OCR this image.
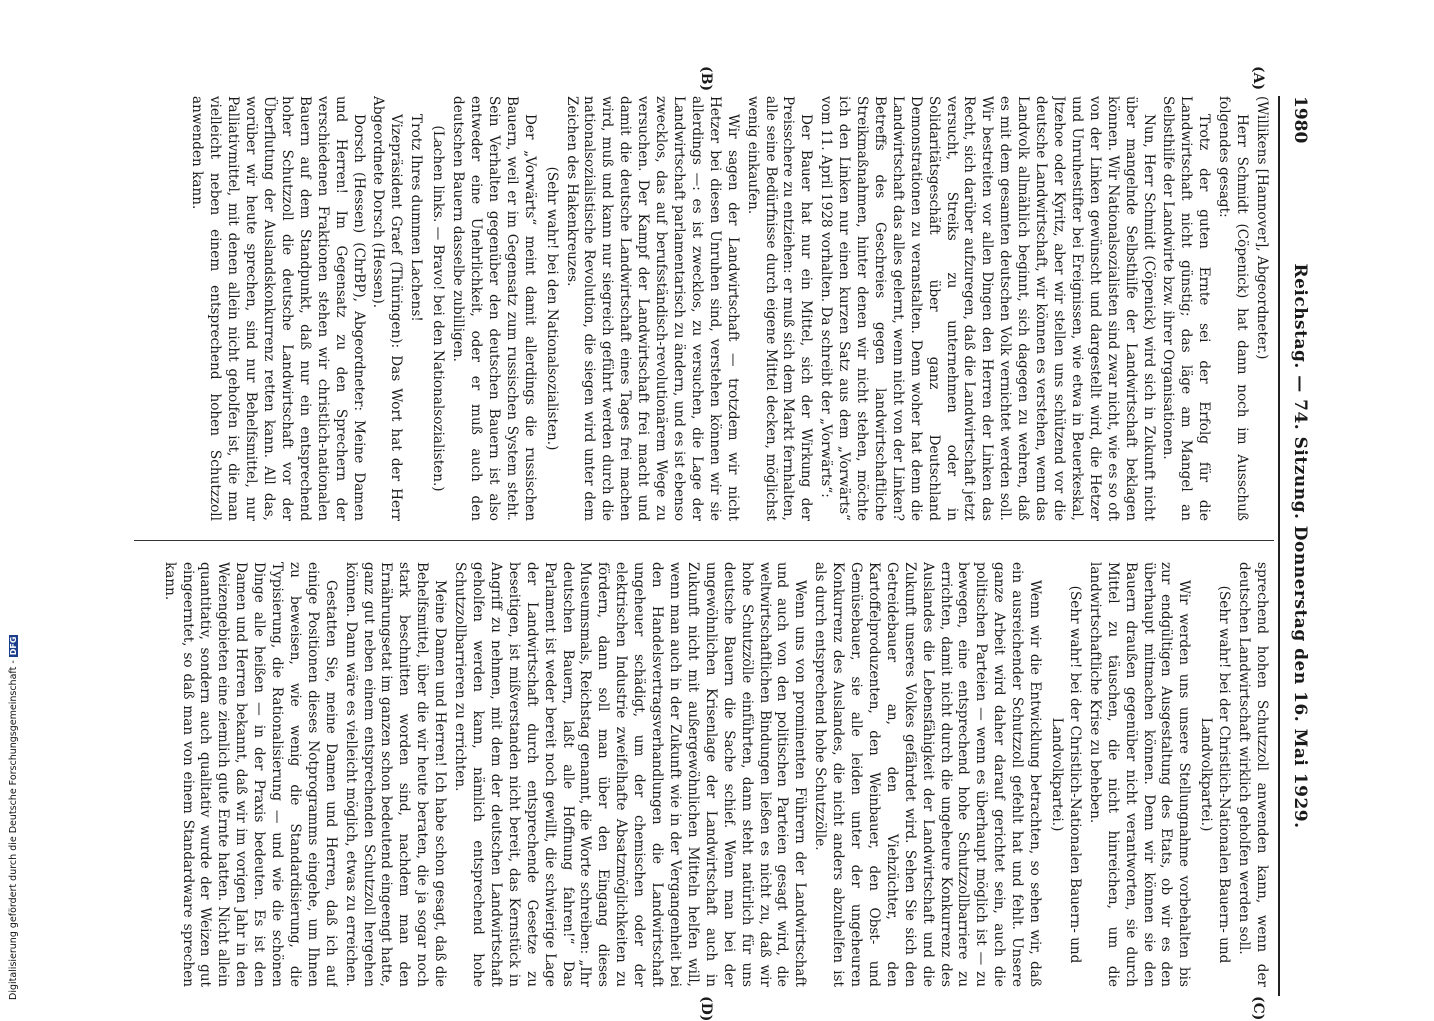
1980
Reichstag. — 74. Sitzung. Donnerstag den 16. Mai 1929.

(Willikens [Hannover], Abgeordneter.)

Herr Schmidt (Cöpenick) hat dann noch im Ausschuß folgendes gesagt:

Trotz der guten Ernte sei der Erfolg für die Landwirtschaft nicht günstig; das läge am Mangel an Selbsthilfe der Landwirte bzw. ihrer Organisationen.

Nun, Herr Schmidt (Cöpenick) wird sich in Zukunft nicht über mangelnde Selbsthilfe der Landwirtschaft beklagen können. Wir Nationalsozialisten sind zwar nicht, wie es so oft von der Linken gewünscht und dargestellt wird, die Hetzer und Unruhestifter bei Ereignissen, wie etwa in Beuerkeskal, Jtzehoe oder Kyritz, aber wir stellen uns schützend vor die deutsche Landwirtschaft, wir können es verstehen, wenn das Landvolk allmählich beginnt, sich dagegen zu wehren, daß es mit dem gesamten deutschen Volk vernichtet werden soll. Wir bestreiten vor allen Dingen den Herren der Linken das Recht, sich darüber aufzuregen, daß die Landwirtschaft jetzt versucht, Streiks zu unternehmen oder in Solidaritätsgeschäft über ganz Deutschland Demonstrationen zu veranstalten. Denn woher hat denn die Landwirtschaft das alles gelernt, wenn nicht von der Linken? Betreffs des Geschreies gegen landwirtschaftliche Streikmaßnahmen, hinter denen wir nicht stehen, möchte ich den Linken nur einen kurzen Satz aus dem „Vorwärts“ vom 11. April 1928 vorhalten. Da schreibt der „Vorwärts“:

Der Bauer hat nur ein Mittel, sich der Wirkung der Preisschere zu entziehen: er muß sich dem Markt fernhalten, alle seine Bedürfnisse durch eigene Mittel decken, möglichst wenig einkaufen.

Wir sagen der Landwirtschaft — trotzdem wir nicht Hetzer bei diesen Unruhen sind, verstehen können wir sie allerdings —: es ist zwecklos, zu versuchen, die Lage der Landwirtschaft parlamentarisch zu ändern, und es ist ebenso zwecklos, das auf berufsständisch-revolutionärem Wege zu versuchen. Der Kampf der Landwirtschaft frei macht und damit die deutsche Landwirtschaft eines Tages frei machen wird, muß und kann nur siegreich geführt werden durch die nationalsozialistische Revolution, die siegen wird unter dem Zeichen des Hakenkreuzes.

(Sehr wahr! bei den Nationalsozialisten.)

Der „Vorwärts“ meint damit allerdings die russischen Bauern, weil er im Gegensatz zum russischen System steht. Sein Verhalten gegenüber den deutschen Bauern ist also entweder eine Unehrlichkeit, oder er muß auch den deutschen Bauern dasselbe zubilligen.

(Lachen links. — Bravo! bei den Nationalsozialisten.)

Trotz Ihres dummen Lachens!

Vizepräsident Graef (Thüringen): Das Wort hat der Herr Abgeordnete Dorsch (Hessen).

Dorsch (Hessen) (ChrBP), Abgeordneter: Meine Damen und Herren! Im Gegensatz zu den Sprechern der verschiedenen Fraktionen stehen wir christlich-nationalen Bauern auf dem Standpunkt, daß nur ein entsprechend hoher Schutzzoll die deutsche Landwirtschaft vor der Überflutung der Auslandskonkurrenz retten kann. All das, worüber wir heute sprechen, sind nur Behelfsmittel, nur Palliativmittel, mit denen allein nicht geholfen ist, die man vielleicht neben einem entsprechend hohen Schutzzoll anwenden kann.

sprechend hohen Schutzzoll anwenden kann, wenn der deutschen Landwirtschaft wirklich geholfen werden soll.

(Sehr wahr! bei der Christlich-Nationalen Bauern- und Landvolkpartei.)

Wir werden uns unsere Stellungnahme vorbehalten bis zur endgültigen Ausgestaltung des Etats, ob wir es den überhaupt mitmachen können. Denn wir können sie den Bauern draußen gegenüber nicht verantworten, sie durch Mittel zu täuschen, die nicht hinreichen, um die landwirtschaftliche Krise zu beheben.

(Sehr wahr! bei der Christlich-Nationalen Bauern- und Landvolkpartei.)

Wenn wir die Entwicklung betrachten, so sehen wir, daß ein ausreichender Schutzzoll gefehlt hat und fehlt. Unsere ganze Arbeit wird daher darauf gerichtet sein, auch die politischen Parteien — wenn es überhaupt möglich ist — zu bewegen, eine entsprechend hohe Schutzzollbarriere zu errichten, damit nicht durch die ungeheure Konkurrenz des Auslandes die Lebensfähigkeit der Landwirtschaft und die Zukunft unseres Volkes gefährdet wird. Sehen Sie sich den Getreidebauer an, den Viehzüchter, den Kartoffelproduzenten, den Weinbauer, den Obst- und Gemüsebauer, sie alle leiden unter der ungeheuren Konkurrenz des Auslandes, die nicht anders abzuhelfen ist als durch entsprechend hohe Schutzzölle.

Wenn uns von prominenten Führern der Landwirtschaft und auch von den politischen Parteien gesagt wird, die weltwirtschaftlichen Bindungen ließen es nicht zu, daß wir hohe Schutzzölle einführten, dann steht natürlich für uns deutsche Bauern die Sache schief. Wenn man bei der ungewöhnlichen Krisenlage der Landwirtschaft auch in Zukunft nicht mit außergewöhnlichen Mitteln helfen will, wenn man auch in der Zukunft wie in der Vergangenheit bei den Handelsvertragsverhandlungen die Landwirtschaft ungeheuer schädigt, um der chemischen oder der elektrischen Industrie zweifelhafte Absatzmöglichkeiten zu fördern, dann soll man über den Eingang dieses Museumsmals, Reichstag genannt, die Worte schreiben: „Ihr deutschen Bauern, laßt alle Hoffnung fahren!“ Das Parlament ist weder bereit noch gewillt, die schwierige Lage der Landwirtschaft durch entsprechende Gesetze zu beseitigen, ist mißverstanden nicht bereit, das Kernstück in Angriff zu nehmen, mit dem der deutschen Landwirtschaft geholfen werden kann, nämlich entsprechend hohe Schutzzollbarrieren zu errichten.

Meine Damen und Herren! Ich habe schon gesagt, daß die Behelfsmittel, über die wir heute beraten, die ja sogar noch stark beschnitten worden sind, nachdem man den Ernährungsetat im ganzen schon bedeutend eingeengt hatte, ganz gut neben einem entsprechenden Schutzzoll hergehen können. Dann wäre es vielleicht möglich, etwas zu erreichen.

Gestatten Sie, meine Damen und Herren, daß ich auf einige Positionen dieses Notprogramms eingehe, um Ihnen zu beweisen, wie wenig die Standardisierung, die Typisierung, die Rationalisierung — und wie die schönen Dinge alle heißen — in der Praxis bedeuten. Es ist den Damen und Herren bekannt, daß wir im vorigen Jahr in den Weizengebieten eine ziemlich gute Ernte hatten. Nicht allein quantitativ, sondern auch qualitativ wurde der Weizen gut eingeerntet, so daß man von einem Standardware sprechen kann.

(A)
(B)
(C)
(D)
Digitalisierung gefördert durch die Deutsche Forschungsgemeinschaft -DFG
